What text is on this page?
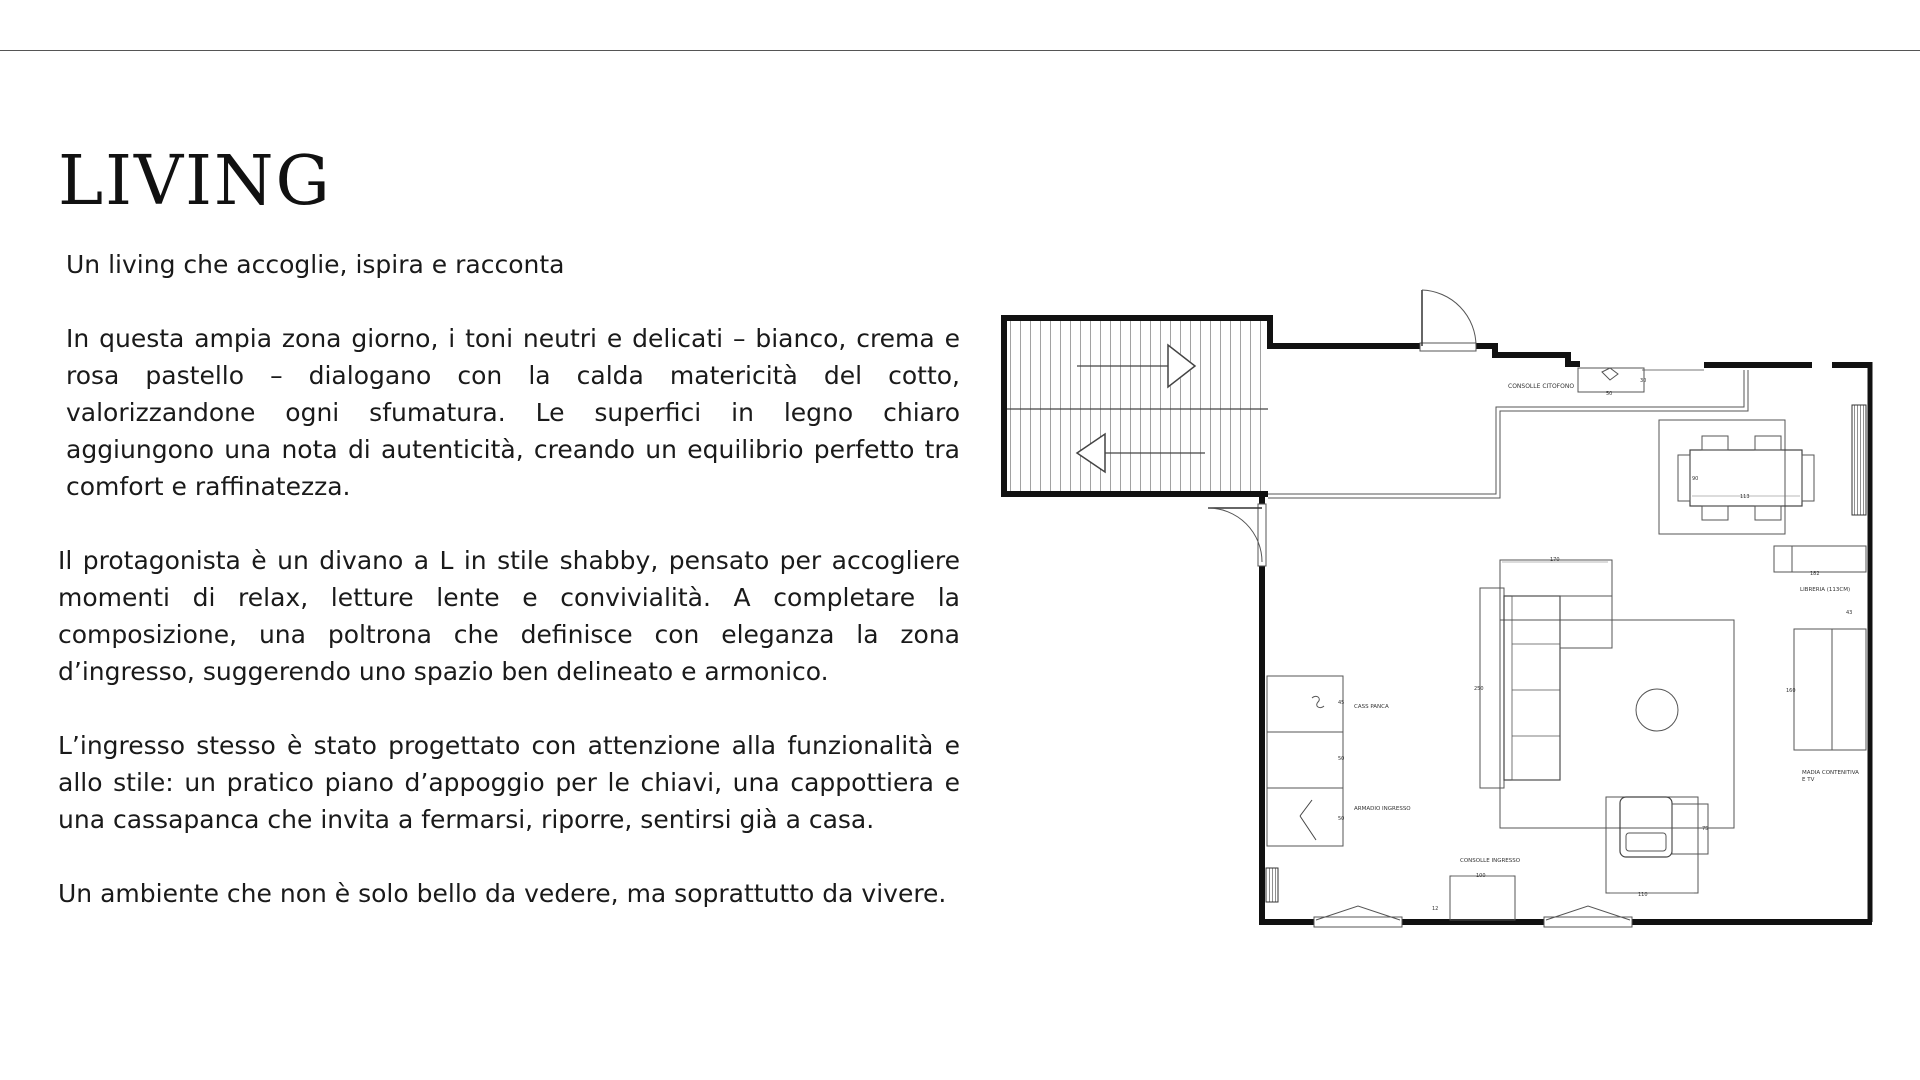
LIVING
Un living che accoglie, ispira e racconta

In questa ampia zona giorno, i toni neutri e delicati – bianco, crema e rosa pastello – dialogano con la calda matericità del cotto, valorizzandone ogni sfumatura. Le superfici in legno chiaro aggiungono una nota di autenticità, creando un equilibrio perfetto tra comfort e raffinatezza.

Il protagonista è un divano a L in stile shabby, pensato per accogliere momenti di relax, letture lente e convivialità. A completare la composizione, una poltrona che definisce con eleganza la zona d’ingresso, suggerendo uno spazio ben delineato e armonico.

L’ingresso stesso è stato progettato con attenzione alla funzionalità e allo stile: un pratico piano d’appoggio per le chiavi, una cappottiera e una cassapanca che invita a fermarsi, riporre, sentirsi già a casa.

Un ambiente che non è solo bello da vedere, ma soprattutto da vivere.

CONSOLLE CITOFONO
50
30
113
90
182
LIBRERIA (113CM)
43
160
MADIA CONTENITIVA
E TV
170
250
110
75
45
CASS PANCA
50
50
ARMADIO INGRESSO
100
CONSOLLE INGRESSO
12
